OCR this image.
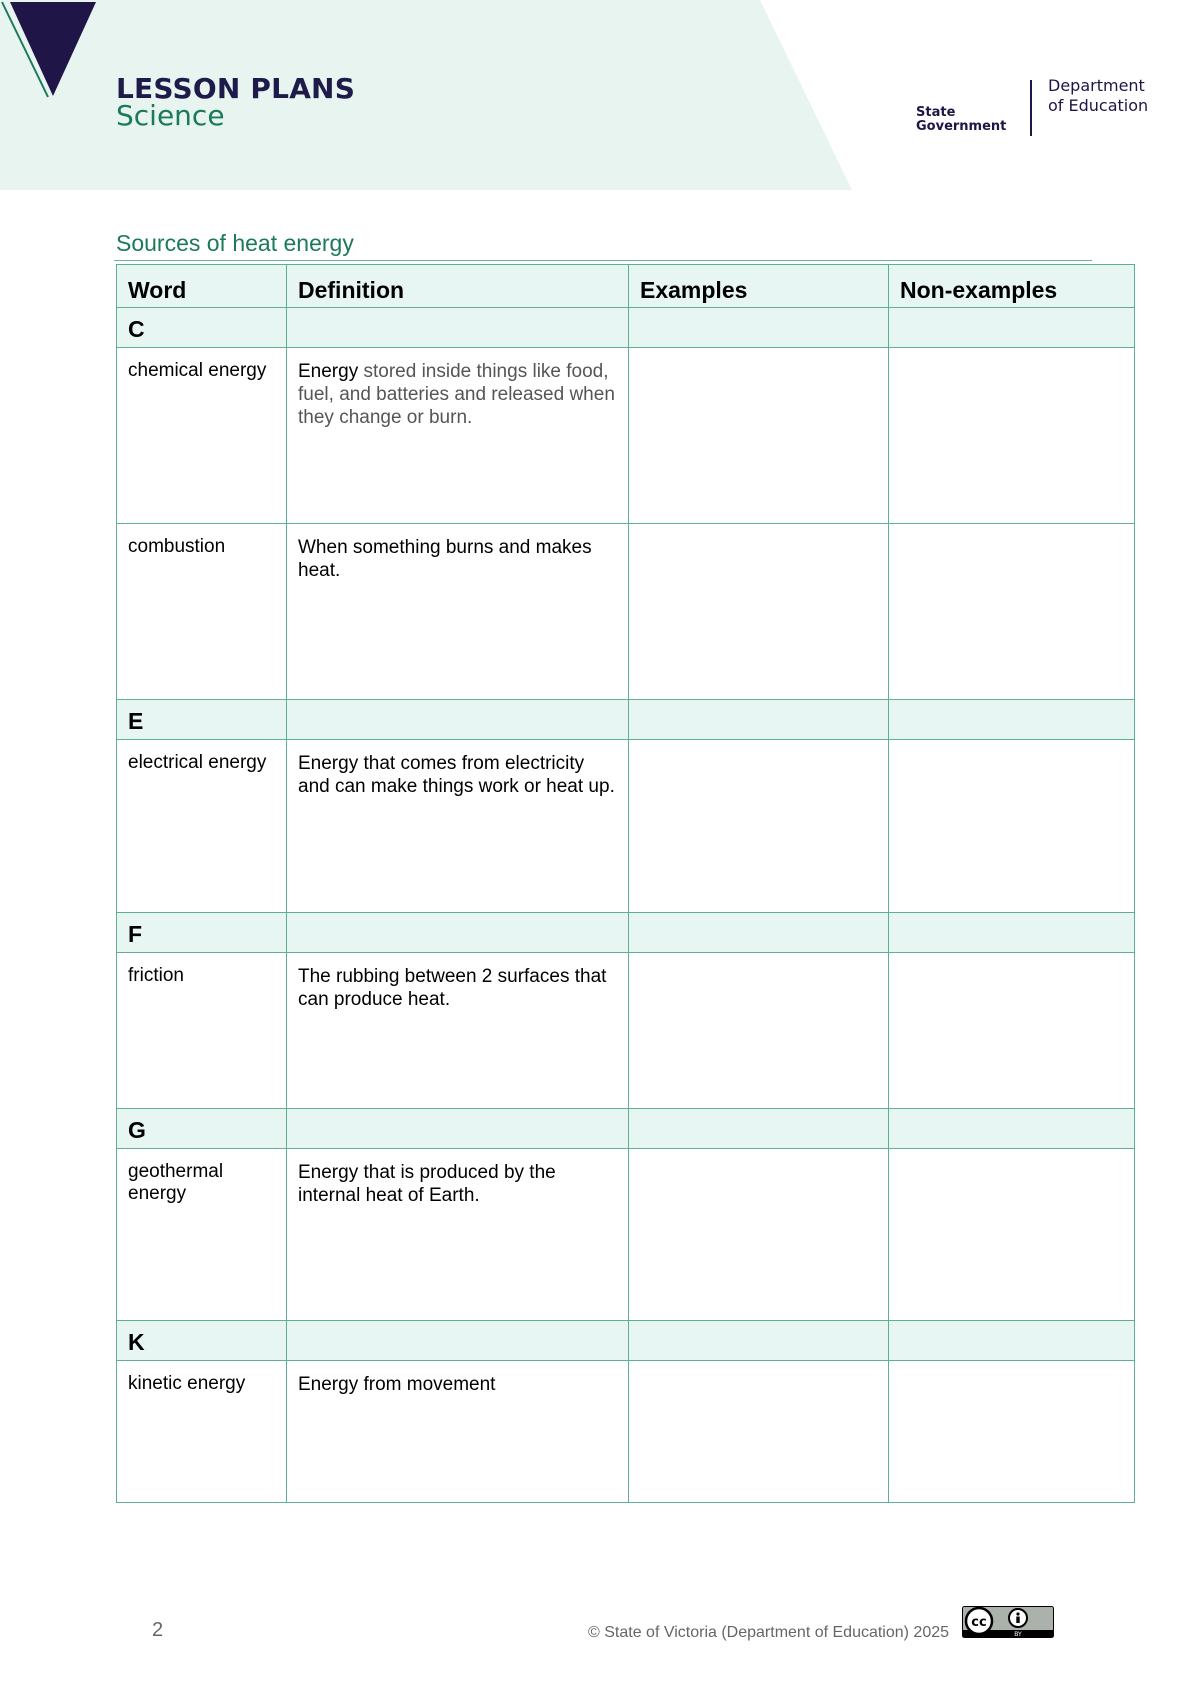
LESSON PLANS
Science
VICTORIA
State
Government
Department
of Education
Sources of heat energy
Word	Definition	Examples	Non-examples
C			
chemical energy	Energy stored inside things like food, fuel, and batteries and released when they change or burn.		
combustion	When something burns and makes heat.		
E			
electrical energy	Energy that comes from electricity and can make things work or heat up.		
F			
friction	The rubbing between 2 surfaces that can produce heat.		
G			
geothermal energy	Energy that is produced by the internal heat of Earth.		
K			
kinetic energy	Energy from movement		
2	© State of Victoria (Department of Education) 2025
cc
BY
